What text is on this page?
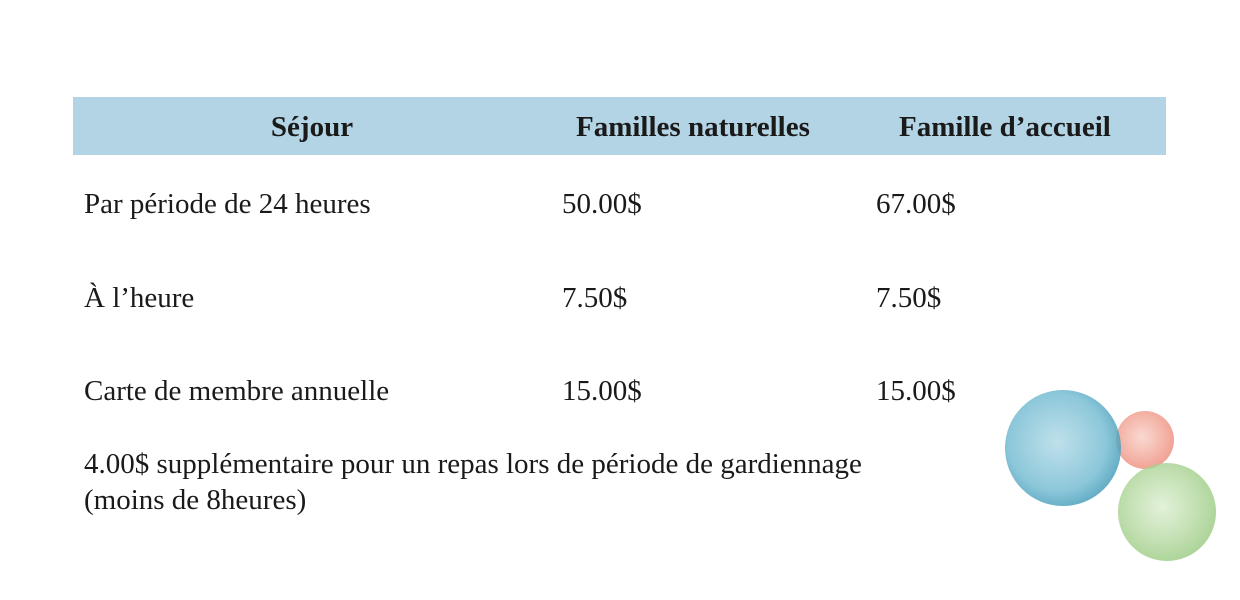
Séjour	Familles naturelles	Famille d’accueil
Par période de 24 heures	50.00$	67.00$
À l’heure	7.50$	7.50$
Carte de membre annuelle	15.00$	15.00$
4.00$ supplémentaire pour un repas lors de période de gardiennage
(moins de 8heures)
